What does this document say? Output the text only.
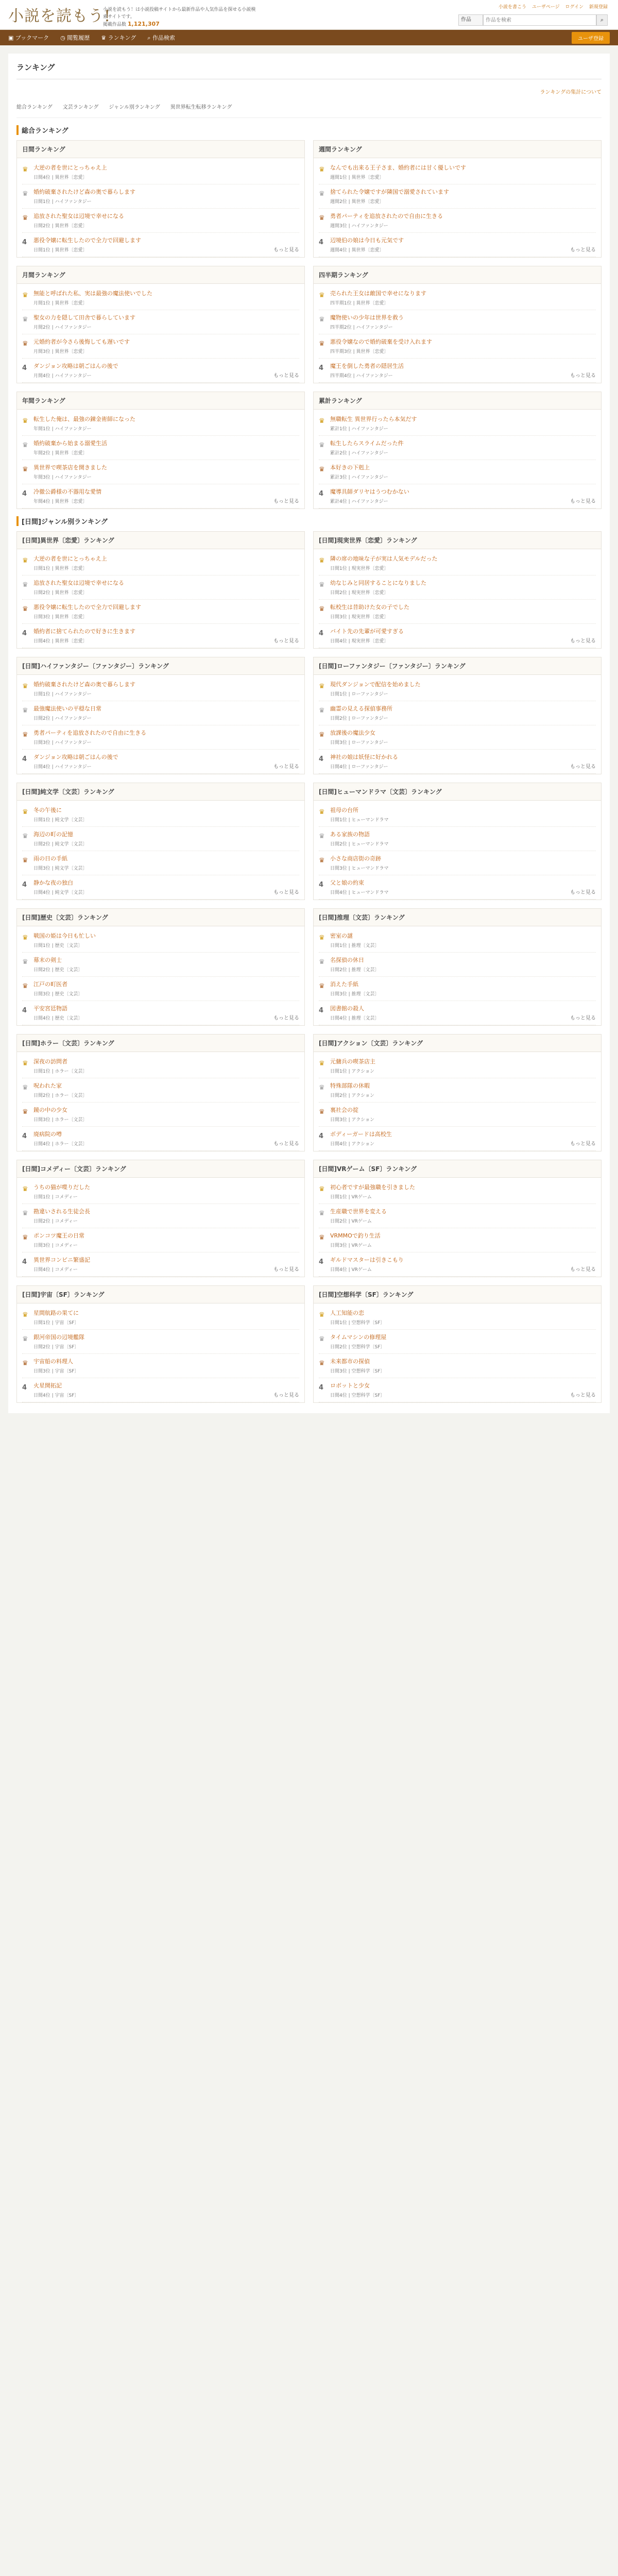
小説を読もう!
小説を読もう！は小説投稿サイトから最新作品や人気作品を探せる小説検索サイトです。
掲載作品数 1,121,307
小説を書こう ユーザページ ログイン 新規登録
作品
作品を検索	⌕
▣ ブックマーク ◷ 閲覧履歴 ♛ ランキング ⌕ 作品検索	ユーザ登録
ランキング
ランキングの集計について
総合ランキング 文芸ランキング ジャンル別ランキング 異世界転生転移ランキング
総合ランキング
日間ランキング
♛ 大逆の者を世にとっちゃえ上
日間4位 | 異世界〔恋愛〕
♛ 婚約破棄されたけど森の奥で暮らします
日間1位 | ハイファンタジー
♛ 追放された聖女は辺境で幸せになる
日間2位 | 異世界〔恋愛〕
4	悪役令嬢に転生したので全力で回避します
日間1位 | 異世界〔恋愛〕	もっと見る
週間ランキング
♛ なんでも出来る王子さま、婚約者には甘く優しいです
週間1位 | 異世界〔恋愛〕
♛ 捨てられた令嬢ですが隣国で溺愛されています
週間2位 | 異世界〔恋愛〕
♛ 勇者パーティを追放されたので自由に生きる
週間3位 | ハイファンタジー
4	辺境伯の娘は今日も元気です
週間4位 | 異世界〔恋愛〕	もっと見る
月間ランキング
♛ 無能と呼ばれた私、実は最強の魔法使いでした
月間1位 | 異世界〔恋愛〕
♛ 聖女の力を隠して田舎で暮らしています
月間2位 | ハイファンタジー
♛ 元婚約者が今さら後悔しても遅いです
月間3位 | 異世界〔恋愛〕
4	ダンジョン攻略は朝ごはんの後で
月間4位 | ハイファンタジー	もっと見る
四半期ランキング
♛ 売られた王女は敵国で幸せになります
四半期1位 | 異世界〔恋愛〕
♛ 魔物使いの少年は世界を救う
四半期2位 | ハイファンタジー
♛ 悪役令嬢なので婚約破棄を受け入れます
四半期3位 | 異世界〔恋愛〕
4	魔王を倒した勇者の隠居生活
四半期4位 | ハイファンタジー	もっと見る
年間ランキング
♛ 転生した俺は、最強の錬金術師になった
年間1位 | ハイファンタジー
♛ 婚約破棄から始まる溺愛生活
年間2位 | 異世界〔恋愛〕
♛ 異世界で喫茶店を開きました
年間3位 | ハイファンタジー
4	冷徹公爵様の不器用な愛情
年間4位 | 異世界〔恋愛〕	もっと見る
累計ランキング
♛ 無職転生 異世界行ったら本気だす
累計1位 | ハイファンタジー
♛ 転生したらスライムだった件
累計2位 | ハイファンタジー
♛ 本好きの下剋上
累計3位 | ハイファンタジー
4	魔導具師ダリヤはうつむかない
累計4位 | ハイファンタジー	もっと見る
[日間]ジャンル別ランキング
[日間]異世界〔恋愛〕ランキング
♛ 大逆の者を世にとっちゃえ上
日間1位 | 異世界〔恋愛〕
♛ 追放された聖女は辺境で幸せになる
日間2位 | 異世界〔恋愛〕
♛ 悪役令嬢に転生したので全力で回避します
日間3位 | 異世界〔恋愛〕
4	婚約者に捨てられたので好きに生きます
日間4位 | 異世界〔恋愛〕	もっと見る
[日間]現実世界〔恋愛〕ランキング
♛ 隣の席の地味な子が実は人気モデルだった
日間1位 | 現実世界〔恋愛〕
♛ 幼なじみと同居することになりました
日間2位 | 現実世界〔恋愛〕
♛ 転校生は昔助けた女の子でした
日間3位 | 現実世界〔恋愛〕
4	バイト先の先輩が可愛すぎる
日間4位 | 現実世界〔恋愛〕	もっと見る
[日間]ハイファンタジー〔ファンタジー〕ランキング
♛ 婚約破棄されたけど森の奥で暮らします
日間1位 | ハイファンタジー
♛ 最強魔法使いの平穏な日常
日間2位 | ハイファンタジー
♛ 勇者パーティを追放されたので自由に生きる
日間3位 | ハイファンタジー
4	ダンジョン攻略は朝ごはんの後で
日間4位 | ハイファンタジー	もっと見る
[日間]ローファンタジー〔ファンタジー〕ランキング
♛ 現代ダンジョンで配信を始めました
日間1位 | ローファンタジー
♛ 幽霊の見える探偵事務所
日間2位 | ローファンタジー
♛ 放課後の魔法少女
日間3位 | ローファンタジー
4	神社の娘は妖怪に好かれる
日間4位 | ローファンタジー	もっと見る
[日間]純文学〔文芸〕ランキング
♛ 冬の午後に
日間1位 | 純文学〔文芸〕
♛ 海辺の町の記憶
日間2位 | 純文学〔文芸〕
♛ 雨の日の手紙
日間3位 | 純文学〔文芸〕
4	静かな夜の独白
日間4位 | 純文学〔文芸〕	もっと見る
[日間]ヒューマンドラマ〔文芸〕ランキング
♛ 祖母の台所
日間1位 | ヒューマンドラマ
♛ ある家族の物語
日間2位 | ヒューマンドラマ
♛ 小さな商店街の奇跡
日間3位 | ヒューマンドラマ
4	父と娘の約束
日間4位 | ヒューマンドラマ	もっと見る
[日間]歴史〔文芸〕ランキング
♛ 戦国の姫は今日も忙しい
日間1位 | 歴史〔文芸〕
♛ 幕末の剣士
日間2位 | 歴史〔文芸〕
♛ 江戸の町医者
日間3位 | 歴史〔文芸〕
4	平安宮廷物語
日間4位 | 歴史〔文芸〕	もっと見る
[日間]推理〔文芸〕ランキング
♛ 密室の謎
日間1位 | 推理〔文芸〕
♛ 名探偵の休日
日間2位 | 推理〔文芸〕
♛ 消えた手紙
日間3位 | 推理〔文芸〕
4	図書館の殺人
日間4位 | 推理〔文芸〕	もっと見る
[日間]ホラー〔文芸〕ランキング
♛ 深夜の訪問者
日間1位 | ホラー〔文芸〕
♛ 呪われた家
日間2位 | ホラー〔文芸〕
♛ 鏡の中の少女
日間3位 | ホラー〔文芸〕
4	廃病院の噂
日間4位 | ホラー〔文芸〕	もっと見る
[日間]アクション〔文芸〕ランキング
♛ 元傭兵の喫茶店主
日間1位 | アクション
♛ 特殊部隊の休暇
日間2位 | アクション
♛ 裏社会の掟
日間3位 | アクション
4	ボディーガードは高校生
日間4位 | アクション	もっと見る
[日間]コメディー〔文芸〕ランキング
♛ うちの猫が喋りだした
日間1位 | コメディー
♛ 勘違いされる生徒会長
日間2位 | コメディー
♛ ポンコツ魔王の日常
日間3位 | コメディー
4	異世界コンビニ繁盛記
日間4位 | コメディー	もっと見る
[日間]VRゲーム〔SF〕ランキング
♛ 初心者ですが最強職を引きました
日間1位 | VRゲーム
♛ 生産職で世界を変える
日間2位 | VRゲーム
♛ VRMMOで釣り生活
日間3位 | VRゲーム
4	ギルドマスターは引きこもり
日間4位 | VRゲーム	もっと見る
[日間]宇宙〔SF〕ランキング
♛ 星間航路の果てに
日間1位 | 宇宙〔SF〕
♛ 銀河帝国の辺境艦隊
日間2位 | 宇宙〔SF〕
♛ 宇宙船の料理人
日間3位 | 宇宙〔SF〕
4	火星開拓記
日間4位 | 宇宙〔SF〕	もっと見る
[日間]空想科学〔SF〕ランキング
♛ 人工知能の恋
日間1位 | 空想科学〔SF〕
♛ タイムマシンの修理屋
日間2位 | 空想科学〔SF〕
♛ 未来都市の探偵
日間3位 | 空想科学〔SF〕
4	ロボットと少女
日間4位 | 空想科学〔SF〕	もっと見る
